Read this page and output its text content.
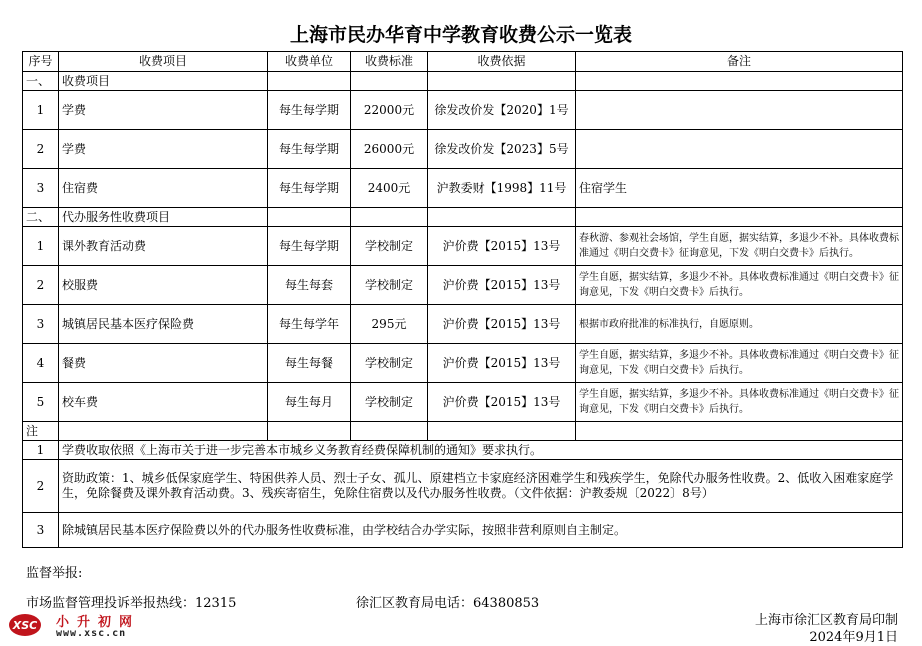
上海市民办华育中学教育收费公示一览表
序号	收费项目	收费单位	收费标准	收费依据	备注
一、	收费项目				
1	学费	每生每学期	22000元	徐发改价发【2020】1号	
2	学费	每生每学期	26000元	徐发改价发【2023】5号	
3	住宿费	每生每学期	2400元	沪教委财【1998】11号	住宿学生
二、	代办服务性收费项目				
1	课外教育活动费	每生每学期	学校制定	沪价费【2015】13号	春秋游、参观社会场馆，学生自愿，据实结算，多退少不补。具体收费标准通过《明白交费卡》征询意见，下发《明白交费卡》后执行。
2	校服费	每生每套	学校制定	沪价费【2015】13号	学生自愿，据实结算，多退少不补。具体收费标准通过《明白交费卡》征询意见，下发《明白交费卡》后执行。
3	城镇居民基本医疗保险费	每生每学年	295元	沪价费【2015】13号	根据市政府批准的标准执行，自愿原则。
4	餐费	每生每餐	学校制定	沪价费【2015】13号	学生自愿，据实结算，多退少不补。具体收费标准通过《明白交费卡》征询意见，下发《明白交费卡》后执行。
5	校车费	每生每月	学校制定	沪价费【2015】13号	学生自愿，据实结算，多退少不补。具体收费标准通过《明白交费卡》征询意见，下发《明白交费卡》后执行。
注					
1	学费收取依照《上海市关于进一步完善本市城乡义务教育经费保障机制的通知》要求执行。				
2	资助政策：1、城乡低保家庭学生、特困供养人员、烈士子女、孤儿、原建档立卡家庭经济困难学生和残疾学生，免除代办服务性收费。2、低收入困难家庭学生，免除餐费及课外教育活动费。3、残疾寄宿生，免除住宿费以及代办服务性收费。（文件依据：沪教委规〔2022〕8号）				
3	除城镇居民基本医疗保险费以外的代办服务性收费标准，由学校结合办学实际，按照非营利原则自主制定。				
监督举报:
市场监督管理投诉举报热线：12315	徐汇区教育局电话：64380853
上海市徐汇区教育局印制
2024年9月1日
XSC 小升初网
www.xsc.cn
